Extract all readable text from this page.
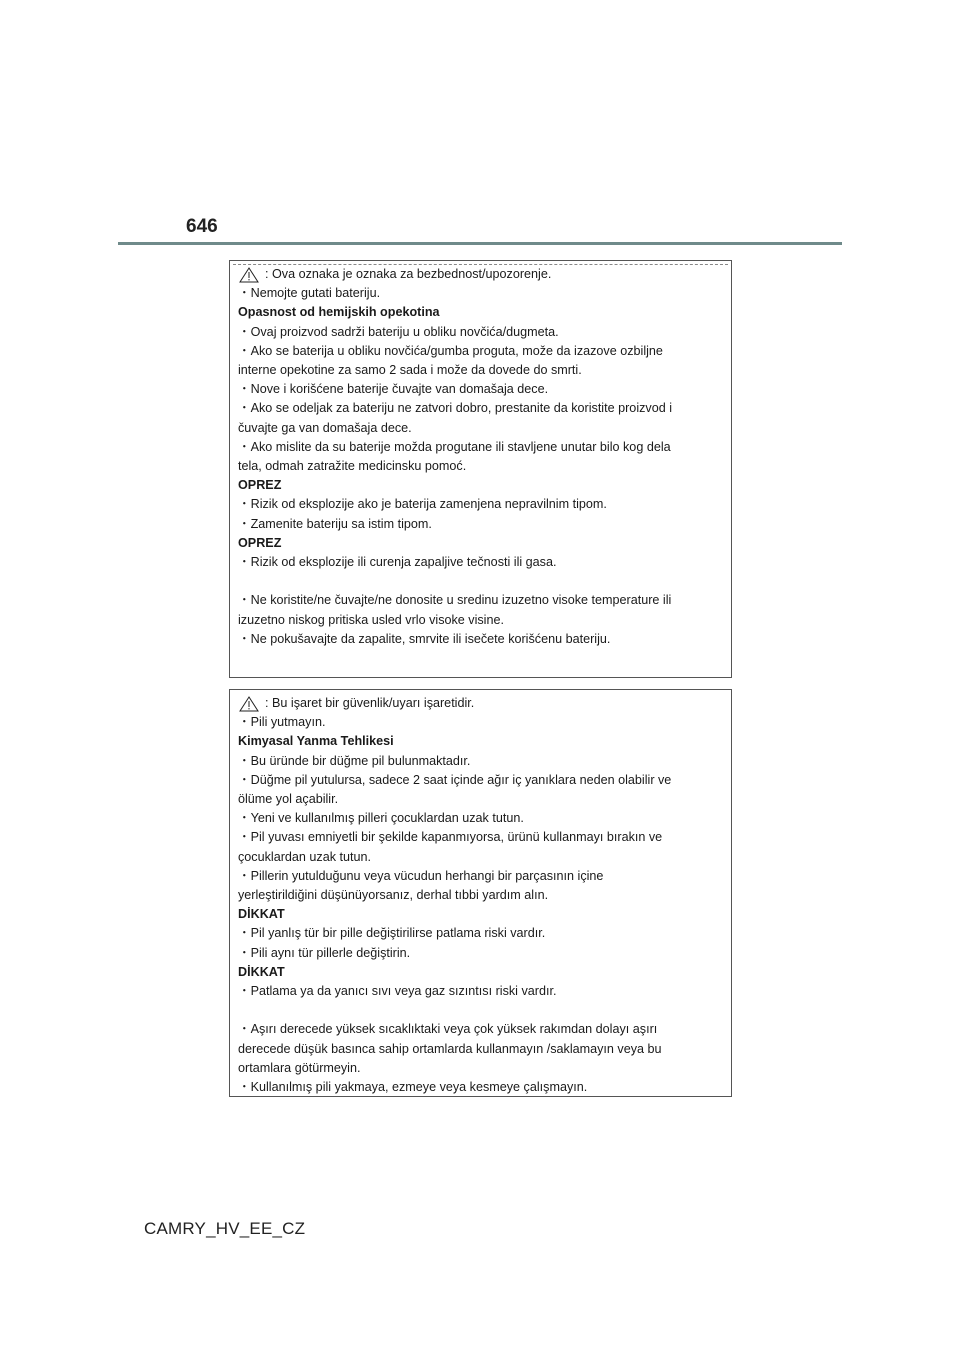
646
: Ova oznaka je oznaka za bezbednost/upozorenje.
・Nemojte gutati bateriju.
Opasnost od hemijskih opekotina
・Ovaj proizvod sadrži bateriju u obliku novčića/dugmeta.
・Ako se baterija u obliku novčića/gumba proguta, može da izazove ozbiljne
interne opekotine za samo 2 sada i može da dovede do smrti.
・Nove i korišćene baterije čuvajte van domašaja dece.
・Ako se odeljak za bateriju ne zatvori dobro, prestanite da koristite proizvod i
čuvajte ga van domašaja dece.
・Ako mislite da su baterije možda progutane ili stavljene unutar bilo kog dela
tela, odmah zatražite medicinsku pomoć.
OPREZ
・Rizik od eksplozije ako je baterija zamenjena nepravilnim tipom.
・Zamenite bateriju sa istim tipom.
OPREZ
・Rizik od eksplozije ili curenja zapaljive tečnosti ili gasa.
・Ne koristite/ne čuvajte/ne donosite u sredinu izuzetno visoke temperature ili
izuzetno niskog pritiska usled vrlo visoke visine.
・Ne pokušavajte da zapalite, smrvite ili isečete korišćenu bateriju.
: Bu işaret bir güvenlik/uyarı işaretidir.
・Pili yutmayın.
Kimyasal Yanma Tehlikesi
・Bu üründe bir düğme pil bulunmaktadır.
・Düğme pil yutulursa, sadece 2 saat içinde ağır iç yanıklara neden olabilir ve
ölüme yol açabilir.
・Yeni ve kullanılmış pilleri çocuklardan uzak tutun.
・Pil yuvası emniyetli bir şekilde kapanmıyorsa, ürünü kullanmayı bırakın ve
çocuklardan uzak tutun.
・Pillerin yutulduğunu veya vücudun herhangi bir parçasının içine
yerleştirildiğini düşünüyorsanız, derhal tıbbi yardım alın.
DİKKAT
・Pil yanlış tür bir pille değiştirilirse patlama riski vardır.
・Pili aynı tür pillerle değiştirin.
DİKKAT
・Patlama ya da yanıcı sıvı veya gaz sızıntısı riski vardır.
・Aşırı derecede yüksek sıcaklıktaki veya çok yüksek rakımdan dolayı aşırı
derecede düşük basınca sahip ortamlarda kullanmayın /saklamayın veya bu
ortamlara götürmeyin.
・Kullanılmış pili yakmaya, ezmeye veya kesmeye çalışmayın.
CAMRY_HV_EE_CZ
